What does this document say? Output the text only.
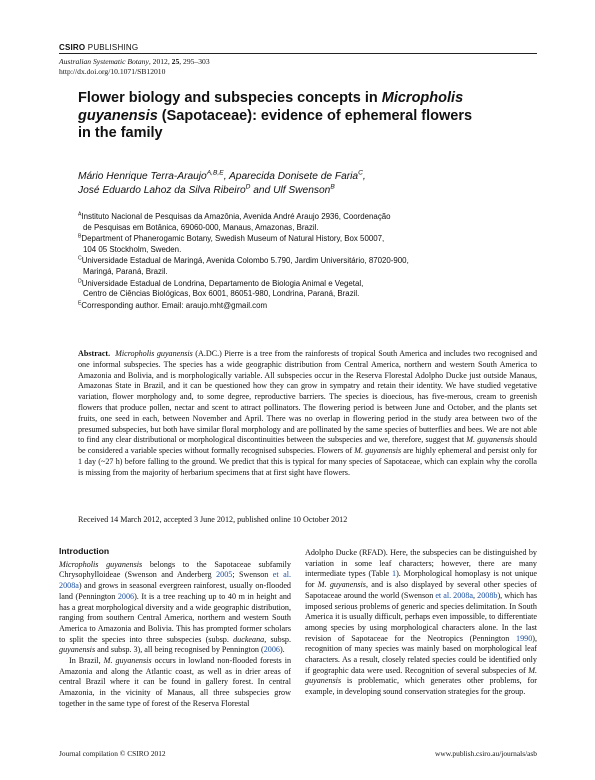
CSIRO PUBLISHING
Australian Systematic Botany, 2012, 25, 295–303
http://dx.doi.org/10.1071/SB12010
Flower biology and subspecies concepts in Micropholis guyanensis (Sapotaceae): evidence of ephemeral flowers in the family
Mário Henrique Terra-Araujo$^{A,B,E}$, Aparecida Donisete de Faria$^C$,
José Eduardo Lahoz da Silva Ribeiro$^D$ and Ulf Swenson$^B$
$^A$Instituto Nacional de Pesquisas da Amazônia, Avenida André Araujo 2936, Coordenação
de Pesquisas em Botânica, 69060-000, Manaus, Amazonas, Brazil.
$^B$Department of Phanerogamic Botany, Swedish Museum of Natural History, Box 50007,
104 05 Stockholm, Sweden.
$^C$Universidade Estadual de Maringá, Avenida Colombo 5.790, Jardim Universitário, 87020-900,
Maringá, Paraná, Brazil.
$^D$Universidade Estadual de Londrina, Departamento de Biologia Animal e Vegetal,
Centro de Ciências Biológicas, Box 6001, 86051-980, Londrina, Paraná, Brazil.
$^E$Corresponding author. Email: araujo.mht@gmail.com
Abstract. Micropholis guyanensis (A.DC.) Pierre is a tree from the rainforests of tropical South America and includes two recognised and one informal subspecies. The species has a wide geographic distribution from Central America, northern and western South America to Amazonia and Bolivia, and is morphologically variable. All subspecies occur in the Reserva Florestal Adolpho Ducke just outside Manaus, Amazonas State in Brazil, and it can be questioned how they can grow in sympatry and retain their identity. We have studied vegetative variation, flower morphology and, to some degree, reproductive barriers. The species is dioecious, has five-merous, cream to greenish flowers that produce pollen, nectar and scent to attract pollinators. The flowering period is between June and October, and the plants set fruits, one seed in each, between November and April. There was no overlap in flowering period in the study area between two of the presumed subspecies, but both have similar floral morphology and are pollinated by the same species of butterflies and bees. We are not able to find any clear distributional or morphological discontinuities between the subspecies and we, therefore, suggest that M. guyanensis should be considered a variable species without formally recognised subspecies. Flowers of M. guyanensis are highly ephemeral and persist only for 1 day (~27 h) before falling to the ground. We predict that this is typical for many species of Sapotaceae, which can explain why the corolla is missing from the majority of herbarium specimens that at first sight have flowers.
Received 14 March 2012, accepted 3 June 2012, published online 10 October 2012
Introduction

Micropholis guyanensis belongs to the Sapotaceae subfamily Chrysophylloideae (Swenson and Anderberg 2005; Swenson et al. 2008a) and grows in seasonal evergreen rainforest, usually on-flooded land (Pennington 2006). It is a tree reaching up to 40 m in height and has a great morphological diversity and a wide geographic distribution, ranging from southern Central America, northern and western South America to Amazonia and Bolivia. This has prompted former scholars to split the species into three subspecies (subsp. duckeana, subsp. guyanensis and subsp. 3), all being recognised by Pennington (2006).

In Brazil, M. guyanensis occurs in lowland non-flooded forests in Amazonia and along the Atlantic coast, as well as in drier areas of central Brazil where it can be found in gallery forest. In central Amazonia, in the vicinity of Manaus, all three subspecies grow together in the same type of forest of the Reserva Florestal

Adolpho Ducke (RFAD). Here, the subspecies can be distinguished by variation in some leaf characters; however, there are many intermediate types (Table 1). Morphological homoplasy is not unique for M. guyanensis, and is also displayed by several other species of Sapotaceae around the world (Swenson et al. 2008a, 2008b), which has imposed serious problems of generic and species delimitation. In South America it is usually difficult, perhaps even impossible, to differentiate among species by using morphological characters alone. In the last revision of Sapotaceae for the Neotropics (Pennington 1990), recognition of many species was mainly based on morphological leaf characters. As a result, closely related species could be identified only if geographic data were used. Recognition of several subspecies of M. guyanensis is problematic, which generates other problems, for example, in developing sound conservation strategies for the group.

Journal compilation © CSIRO 2012	www.publish.csiro.au/journals/asb
